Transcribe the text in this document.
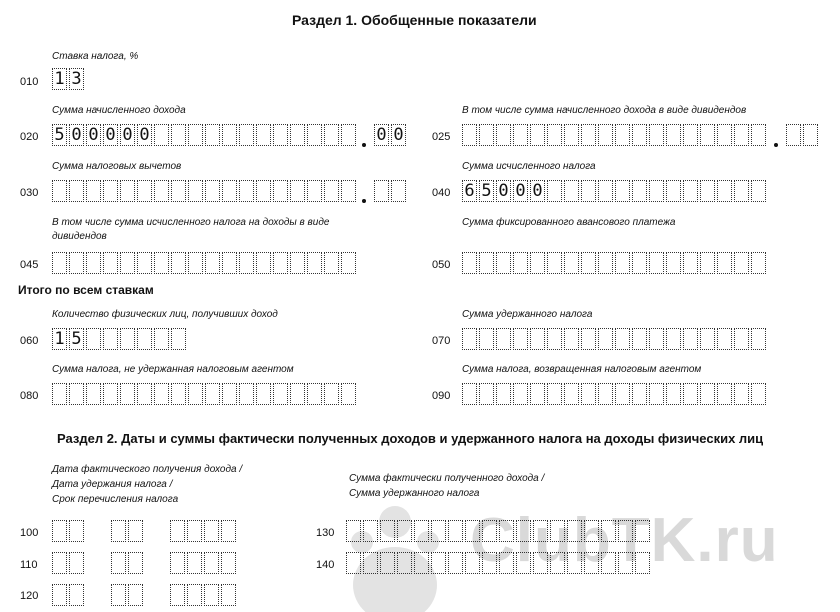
Раздел 1. Обобщенные показатели
Ставка налога, %
010 1 3
Сумма начисленного дохода
020 5 0 0 0 0 0	0 0
В том числе сумма начисленного дохода в виде дивидендов
025
Сумма налоговых вычетов
030
Сумма исчисленного налога
040 6 5 0 0 0
В том числе сумма исчисленного налога на доходы в виде
дивидендов
045
Сумма фиксированного авансового платежа
050
Итого по всем ставкам
Количество физических лиц, получивших доход
060 1 5
Сумма удержанного налога
070
Сумма налога, не удержанная налоговым агентом
080
Сумма налога, возвращенная налоговым агентом
090
Раздел 2. Даты и суммы фактически полученных доходов и удержанного налога на доходы физических лиц
Дата фактического получения дохода /
Дата удержания налога /
Срок перечисления налога
Сумма фактически полученного дохода /
Сумма удержанного налога
ClubTK.ru
100
110
120
130
140
